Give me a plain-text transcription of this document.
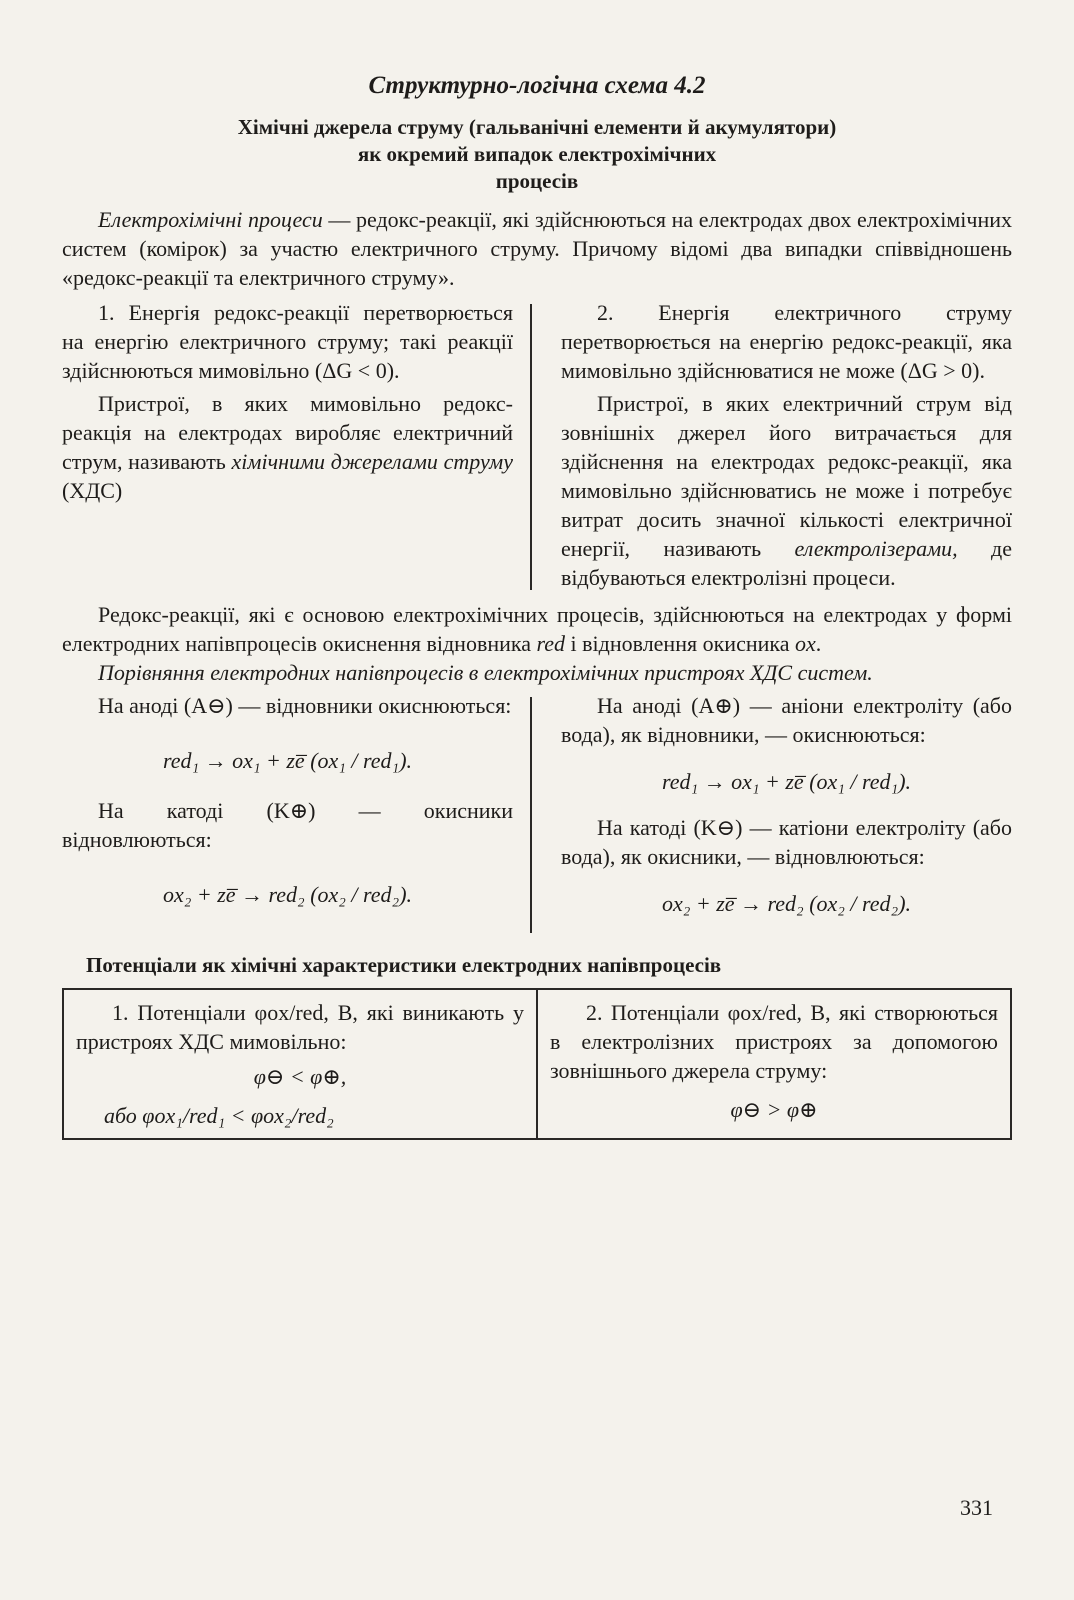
Структурно-логічна схема 4.2
Хімічні джерела струму (гальванічні елементи й акумулятори)
як окремий випадок електрохімічних
процесів

Електрохімічні процеси — редокс-реакції, які здійснюються на електродах двох електрохімічних систем (комірок) за участю електричного струму. Причому відомі два випадки співвідношень «редокс-реакції та електричного струму».

1. Енергія редокс-реакції перетворюється на енергію електричного струму; такі реакції здійснюються мимовільно (ΔG < 0).

Пристрої, в яких мимовільно редокс-реакція на електродах виробляє електричний струм, називають хімічними джерелами струму (ХДС)

2. Енергія електричного струму перетворюється на енергію редокс-реакції, яка мимовільно здійснюватися не може (ΔG > 0).

Пристрої, в яких електричний струм від зовнішніх джерел його витрачається для здійснення на електродах редокс-реакції, яка мимовільно здійснюватись не може і потребує витрат досить значної кількості електричної енергії, називають електролізерами, де відбуваються електролізні процеси.

Редокс-реакції, які є основою електрохімічних процесів, здійснюються на електродах у формі електродних напівпроцесів окиснення відновника red і відновлення окисника ox.

Порівняння електродних напівпроцесів в електрохімічних пристроях ХДС систем.

На аноді (A⊖) — відновники окиснюються:

red₁ → ox₁ + ze̅ (ox₁ / red₁).

На катоді (K⊕) — окисники відновлюються:

ox₂ + ze̅ → red₂ (ox₂ / red₂).

На аноді (A⊕) — аніони електроліту (або вода), як відновники, — окиснюються:

red₁ → ox₁ + ze̅ (ox₁ / red₁).

На катоді (K⊖) — катіони електроліту (або вода), як окисники, — відновлюються:

ox₂ + ze̅ → red₂ (ox₂ / red₂).
Потенціали як хімічні характеристики електродних напівпроцесів

1. Потенціали φox/red, В, які виникають у пристроях ХДС мимовільно:

φ⊖ < φ⊕,
або φox₁/red₁ < φox₂/red₂

2. Потенціали φox/red, В, які створюються в електролізних пристроях за допомогою зовнішнього джерела струму:

φ⊖ > φ⊕
331
